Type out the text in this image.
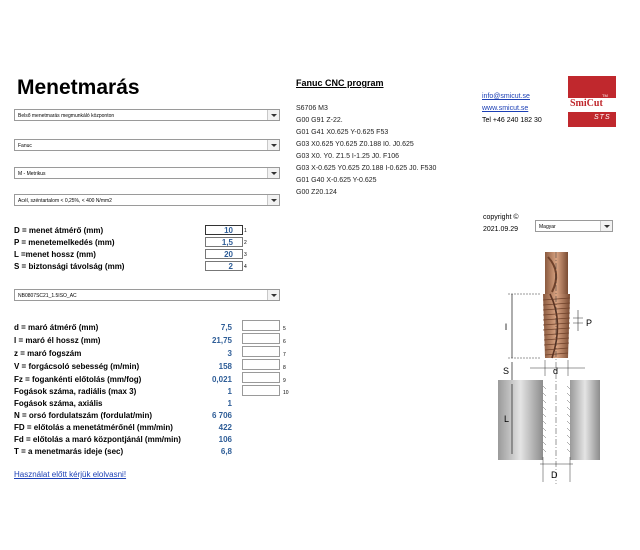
Menetmarás
Belső menetmarás megmunkáló központon
Fanuc
M - Metrikus
Acél, széntartalom < 0,25%, < 400 N/mm2
D = menet átmérő (mm)	10	1
P = menetemelkedés (mm)	1,5	2
L =menet hossz (mm)	20	3
S = biztonsági távolság (mm)	2	4
NB0807SC21_1.5ISO_AC
d = maró átmérő (mm)	7,5	5
l = maró él hossz (mm)	21,75	6
z = maró fogszám	3	7
V = forgácsoló sebesség (m/min)	158	8
Fz = fogankénti előtolás (mm/fog)	0,021	9
Fogások száma, radiális (max 3)	1	10
Fogások száma, axiális	1
N = orsó fordulatszám (fordulat/min)	6 706
FD = előtolás a menetátmérőnél (mm/min)	422
Fd = előtolás a maró központjánál (mm/min)	106
T = a menetmarás ideje (sec)	6,8
Használat előtt kérjük elolvasni!
Fanuc CNC program
S6706 M3
G00 G91 Z-22.
G01 G41 X0.625 Y-0.625 F53
G03 X0.625 Y0.625 Z0.188 I0. J0.625
G03 X0. Y0. Z1.5 I-1.25 J0. F106
G03 X-0.625 Y0.625 Z0.188 I-0.625 J0. F530
G01 G40 X-0.625 Y-0.625
G00 Z20.124
info@smicut.se
www.smicut.se
Tel +46 240 182 30
TM
SmiCut
STS
copyright ©
2021.09.29	Magyar
l	P
d
S
L
D
